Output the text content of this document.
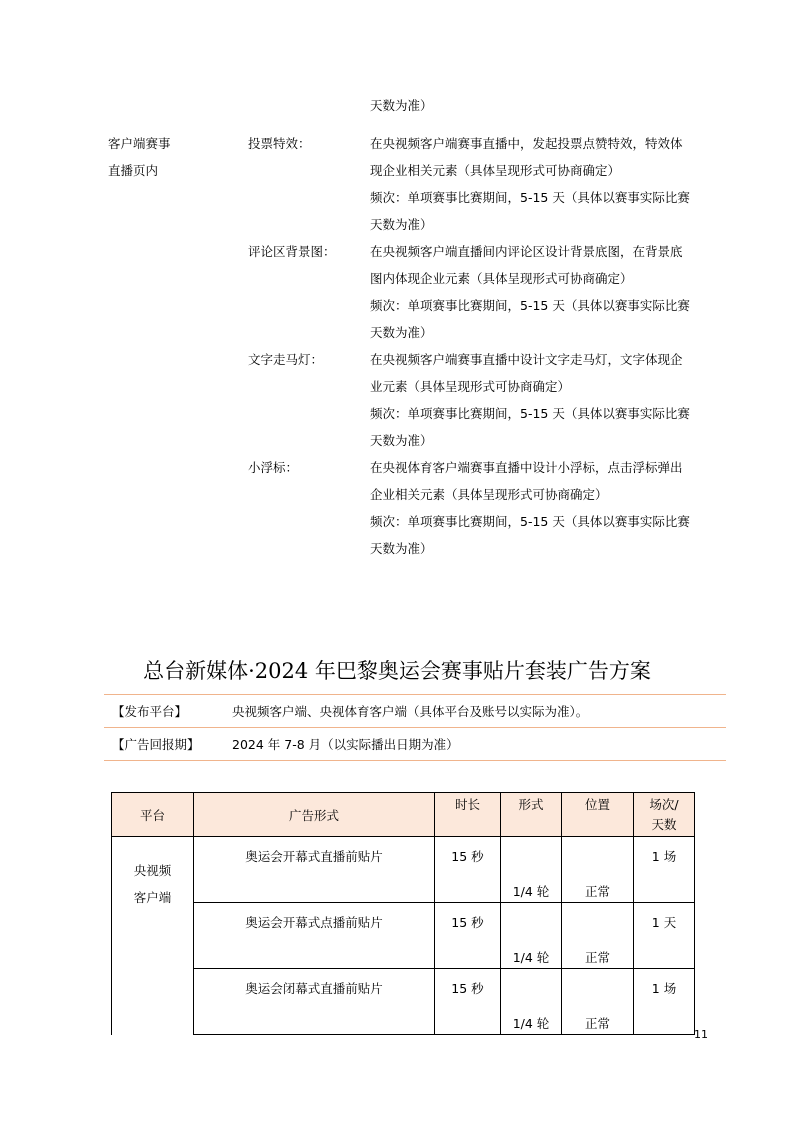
天数为准）
客户端赛事
直播页内
投票特效：	在央视频客户端赛事直播中，发起投票点赞特效，特效体
现企业相关元素（具体呈现形式可协商确定）
频次：单项赛事比赛期间，5-15 天（具体以赛事实际比赛
天数为准）
评论区背景图：	在央视频客户端直播间内评论区设计背景底图，在背景底
图内体现企业元素（具体呈现形式可协商确定）
频次：单项赛事比赛期间，5-15 天（具体以赛事实际比赛
天数为准）
文字走马灯：	在央视频客户端赛事直播中设计文字走马灯，文字体现企
业元素（具体呈现形式可协商确定）
频次：单项赛事比赛期间，5-15 天（具体以赛事实际比赛
天数为准）
小浮标：	在央视体育客户端赛事直播中设计小浮标，点击浮标弹出
企业相关元素（具体呈现形式可协商确定）
频次：单项赛事比赛期间，5-15 天（具体以赛事实际比赛
天数为准）
总台新媒体·2024 年巴黎奥运会赛事贴片套装广告方案
【发布平台】	央视频客户端、央视体育客户端（具体平台及账号以实际为准）。
【广告回报期】	2024 年 7-8 月（以实际播出日期为准）
平台	广告形式	时长	形式	位置	场次/
天数

央视频
客户端	奥运会开幕式直播前贴片	15 秒	1/4 轮	正常	1 场
	奥运会开幕式点播前贴片	15 秒	1/4 轮	正常	1 天
	奥运会闭幕式直播前贴片	15 秒	1/4 轮	正常	1 场
11
